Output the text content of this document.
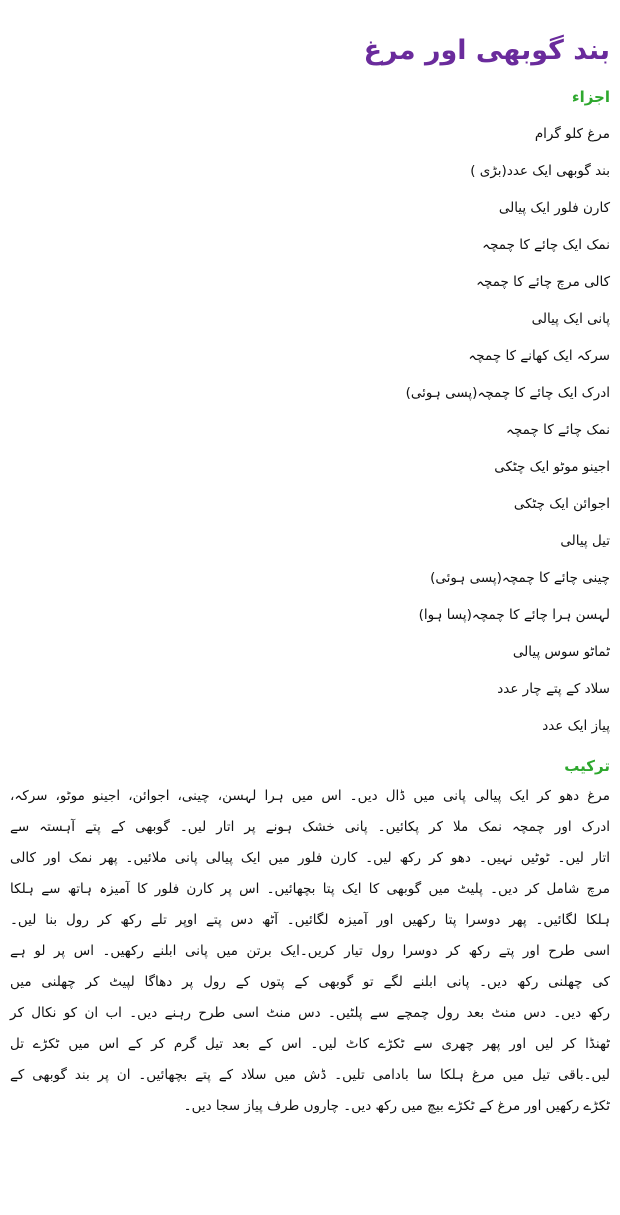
بند گوبھی اور مرغ
اجزاء
مرغ کلو گرام
بند گوبھی ایک عدد(بڑی )
کارن فلور ایک پیالی
نمک ایک چائے کا چمچہ
کالی مرچ چائے کا چمچہ
پانی ایک پیالی
سرکہ ایک کھانے کا چمچہ
ادرک ایک چائے کا چمچہ(پسی ہوئی)
نمک چائے کا چمچہ
اجینو موٹو ایک چٹکی
اجوائن ایک چٹکی
تیل پیالی
چینی چائے کا چمچہ(پسی ہوئی)
لہسن ہرا چائے کا چمچہ(پسا ہوا)
ٹماٹو سوس پیالی
سلاد کے پتے چار عدد
پیاز ایک عدد
ترکیب
مرغ دھو کر ایک پیالی پانی میں ڈال دیں۔ اس میں ہرا لہسن، چینی، اجوائن، اجینو موٹو، سرکہ،
ادرک اور چمچہ نمک ملا کر پکائیں۔ پانی خشک ہونے پر اتار لیں۔ گوبھی کے پتے آہستہ سے
اتار لیں۔ ٹوٹیں نہیں۔ دھو کر رکھ لیں۔ کارن فلور میں ایک پیالی پانی ملائیں۔ پھر نمک اور کالی
مرچ شامل کر دیں۔ پلیٹ میں گوبھی کا ایک پتا بچھائیں۔ اس پر کارن فلور کا آمیزہ ہاتھ سے ہلکا
ہلکا لگائیں۔ پھر دوسرا پتا رکھیں اور آمیزہ لگائیں۔ آٹھ دس پتے اوپر تلے رکھ کر رول بنا لیں۔
اسی طرح اور پتے رکھ کر دوسرا رول تیار کریں۔ایک برتن میں پانی ابلنے رکھیں۔ اس پر لو ہے
کی چھلنی رکھ دیں۔ پانی ابلنے لگے تو گوبھی کے پتوں کے رول پر دھاگا لپیٹ کر چھلنی میں
رکھ دیں۔ دس منٹ بعد رول چمچے سے پلٹیں۔ دس منٹ اسی طرح رہنے دیں۔ اب ان کو نکال کر
ٹھنڈا کر لیں اور پھر چھری سے ٹکڑے کاٹ لیں۔ اس کے بعد تیل گرم کر کے اس میں ٹکڑے تل
لیں۔باقی تیل میں مرغ ہلکا سا بادامی تلیں۔ ڈش میں سلاد کے پتے بچھائیں۔ ان پر بند گوبھی کے
ٹکڑے رکھیں اور مرغ کے ٹکڑے بیچ میں رکھ دیں۔ چاروں طرف پیاز سجا دیں۔
